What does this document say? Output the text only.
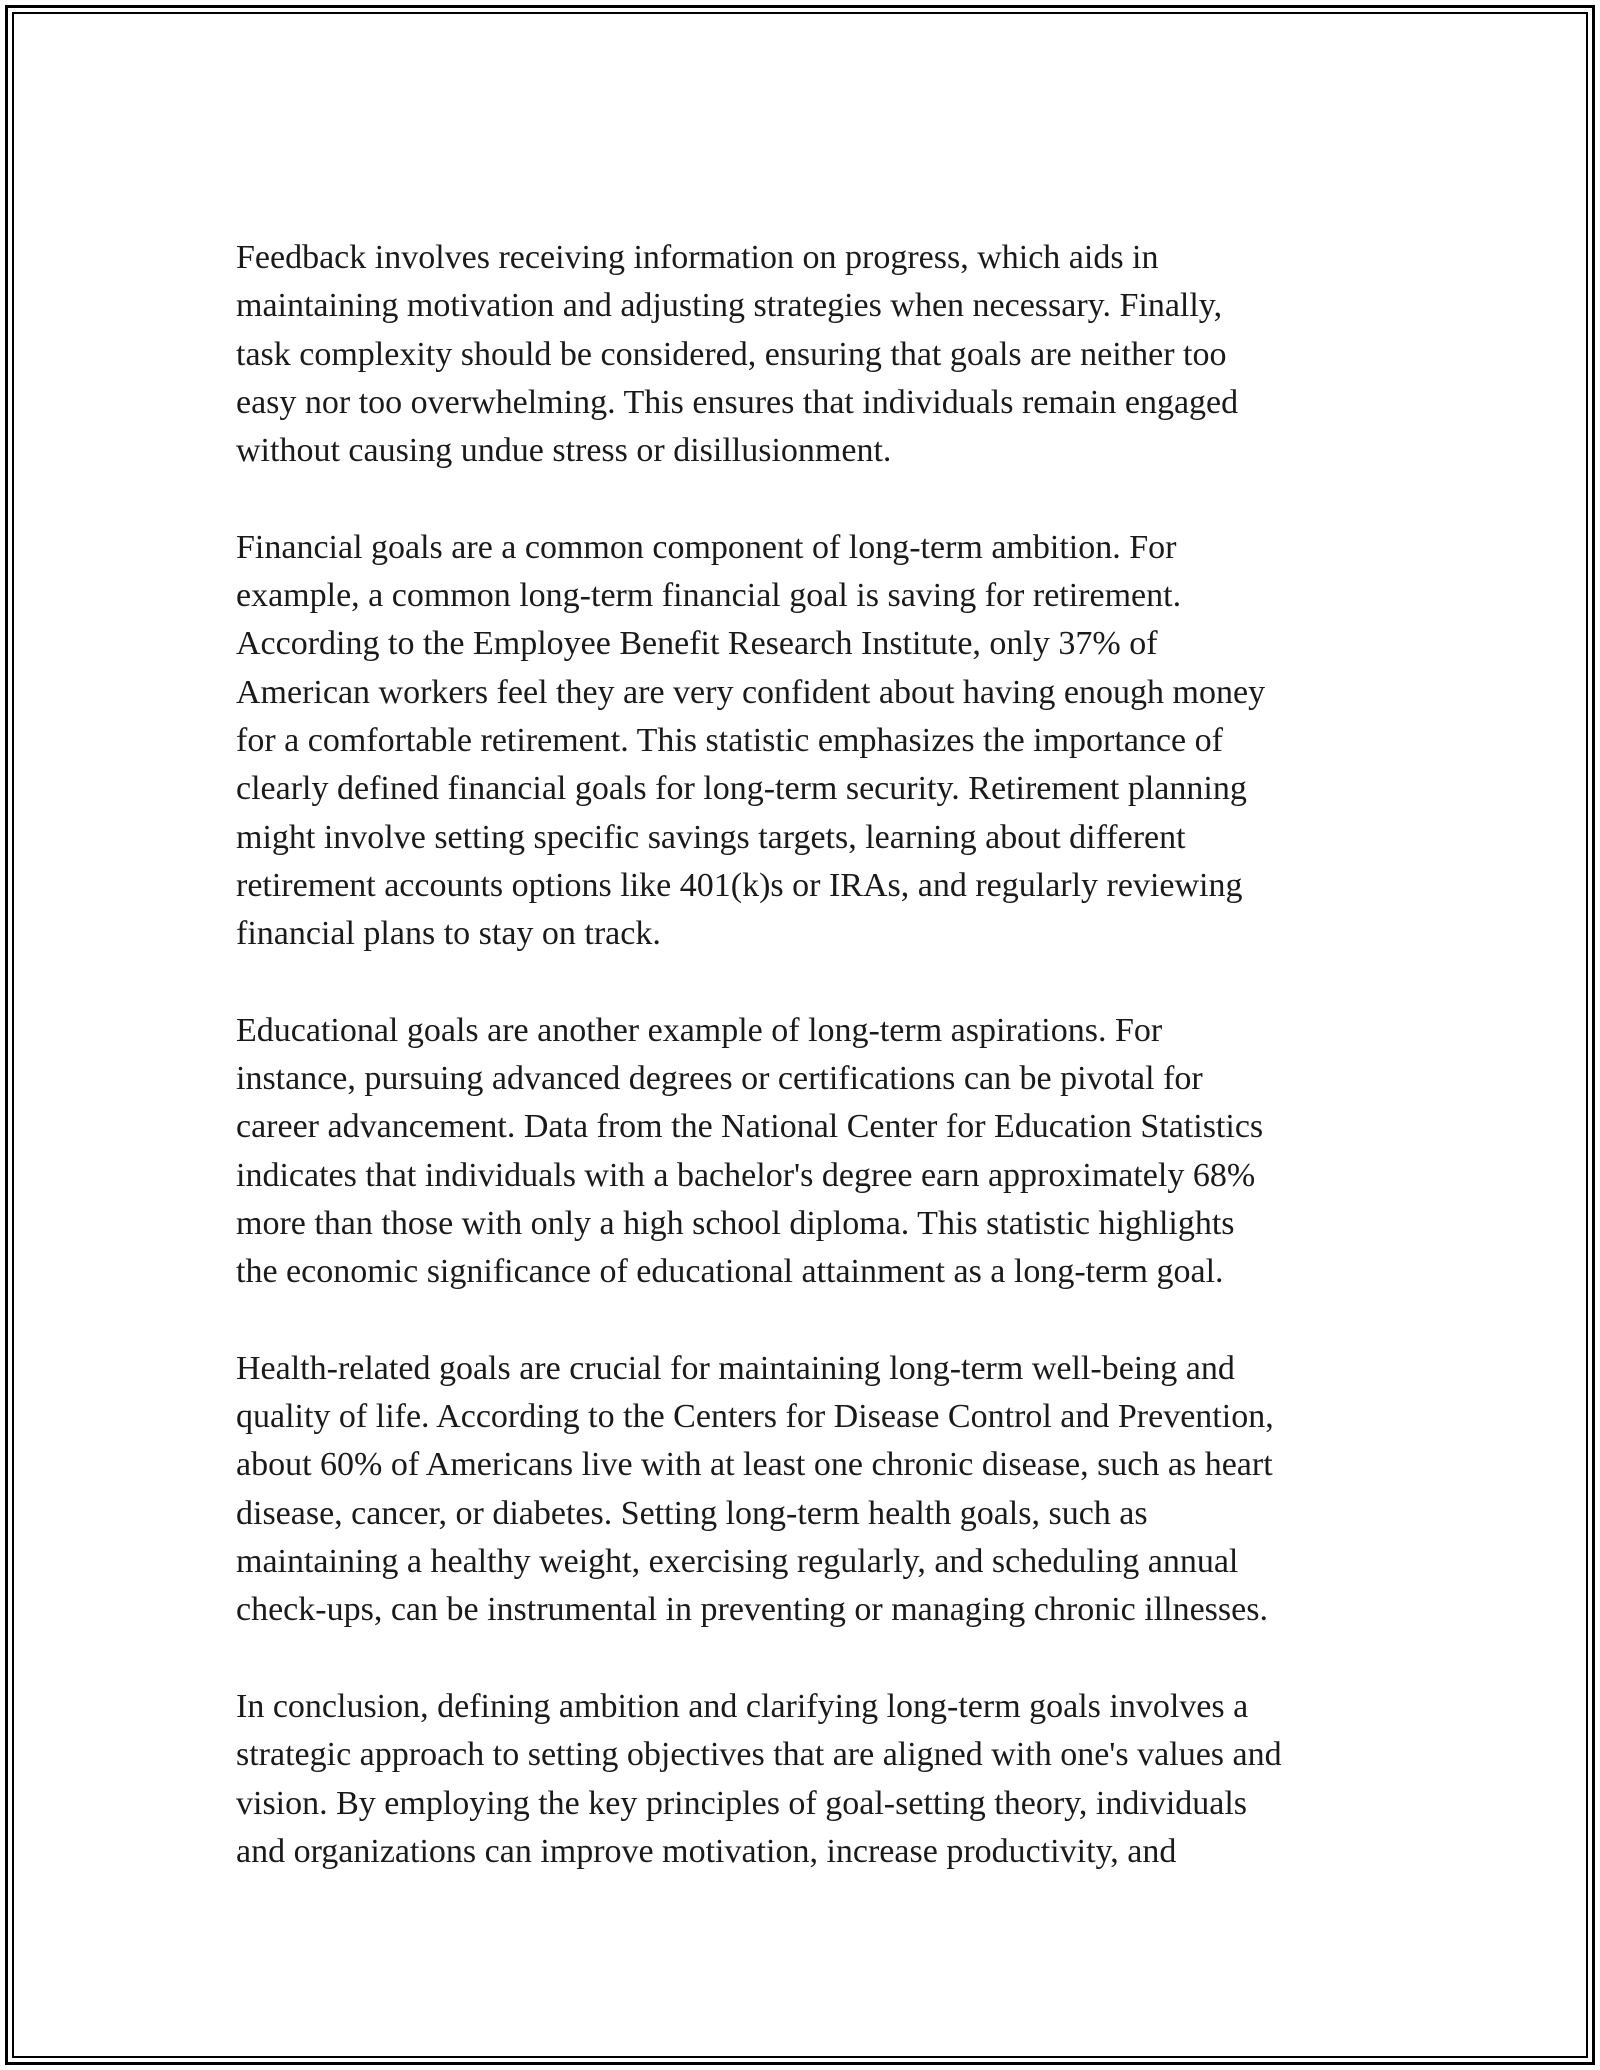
Feedback involves receiving information on progress, which aids in
maintaining motivation and adjusting strategies when necessary. Finally,
task complexity should be considered, ensuring that goals are neither too
easy nor too overwhelming. This ensures that individuals remain engaged
without causing undue stress or disillusionment.

Financial goals are a common component of long-term ambition. For
example, a common long-term financial goal is saving for retirement.
According to the Employee Benefit Research Institute, only 37% of
American workers feel they are very confident about having enough money
for a comfortable retirement. This statistic emphasizes the importance of
clearly defined financial goals for long-term security. Retirement planning
might involve setting specific savings targets, learning about different
retirement accounts options like 401(k)s or IRAs, and regularly reviewing
financial plans to stay on track.

Educational goals are another example of long-term aspirations. For
instance, pursuing advanced degrees or certifications can be pivotal for
career advancement. Data from the National Center for Education Statistics
indicates that individuals with a bachelor's degree earn approximately 68%
more than those with only a high school diploma. This statistic highlights
the economic significance of educational attainment as a long-term goal.

Health-related goals are crucial for maintaining long-term well-being and
quality of life. According to the Centers for Disease Control and Prevention,
about 60% of Americans live with at least one chronic disease, such as heart
disease, cancer, or diabetes. Setting long-term health goals, such as
maintaining a healthy weight, exercising regularly, and scheduling annual
check-ups, can be instrumental in preventing or managing chronic illnesses.

In conclusion, defining ambition and clarifying long-term goals involves a
strategic approach to setting objectives that are aligned with one's values and
vision. By employing the key principles of goal-setting theory, individuals
and organizations can improve motivation, increase productivity, and
